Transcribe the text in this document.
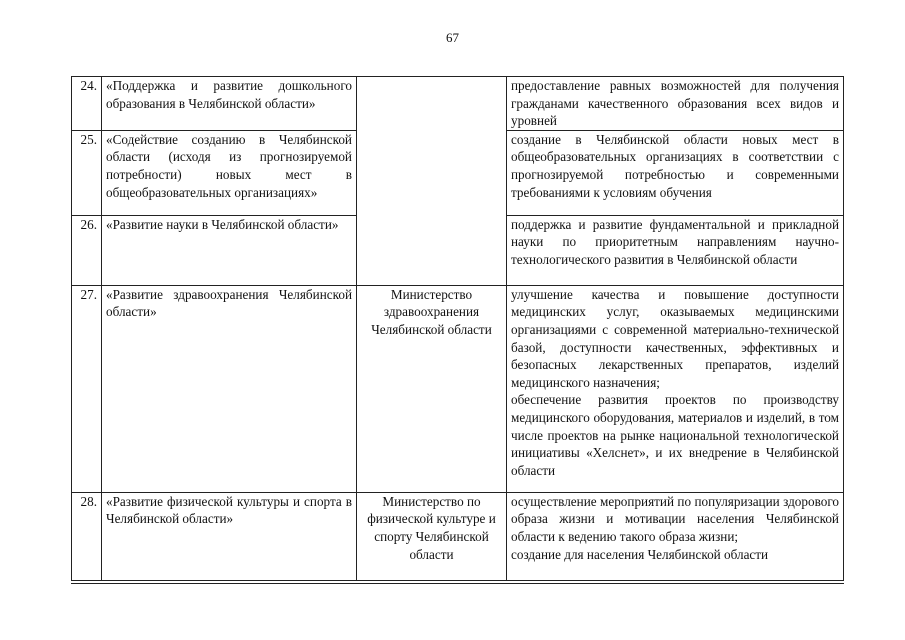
67
24.	«Поддержка и развитие дошкольного образования в Челябинской области»		предоставление равных возможностей для получения гражданами качественного образования всех видов и уровней

25.	«Содействие созданию в Челябинской области (исходя из прогнозируемой потребности) новых мест в общеобразовательных организациях»		создание в Челябинской области новых мест в общеобразовательных организациях в соответствии с прогнозируемой потребностью и современными требованиями к условиям обучения

26.	«Развитие науки в Челябинской области»		поддержка и развитие фундаментальной и прикладной науки по приоритетным направлениям научно-технологического развития в Челябинской области

27.	«Развитие здравоохранения Челябинской области»	Министерство здравоохранения Челябинской области	улучшение качества и повышение доступности медицинских услуг, оказываемых медицинскими организациями с современной материально-технической базой, доступности качественных, эффективных и безопасных лекарственных препаратов, изделий медицинского назначения;
обеспечение развития проектов по производству медицинского оборудования, материалов и изделий, в том числе проектов на рынке национальной технологической инициативы «Хелснет», и их внедрение в Челябинской области

28.	«Развитие физической культуры и спорта в Челябинской области»	Министерство по физической культуре и спорту Челябинской области	осуществление мероприятий по популяризации здорового образа жизни и мотивации населения Челябинской области к ведению такого образа жизни;
создание для населения Челябинской области
